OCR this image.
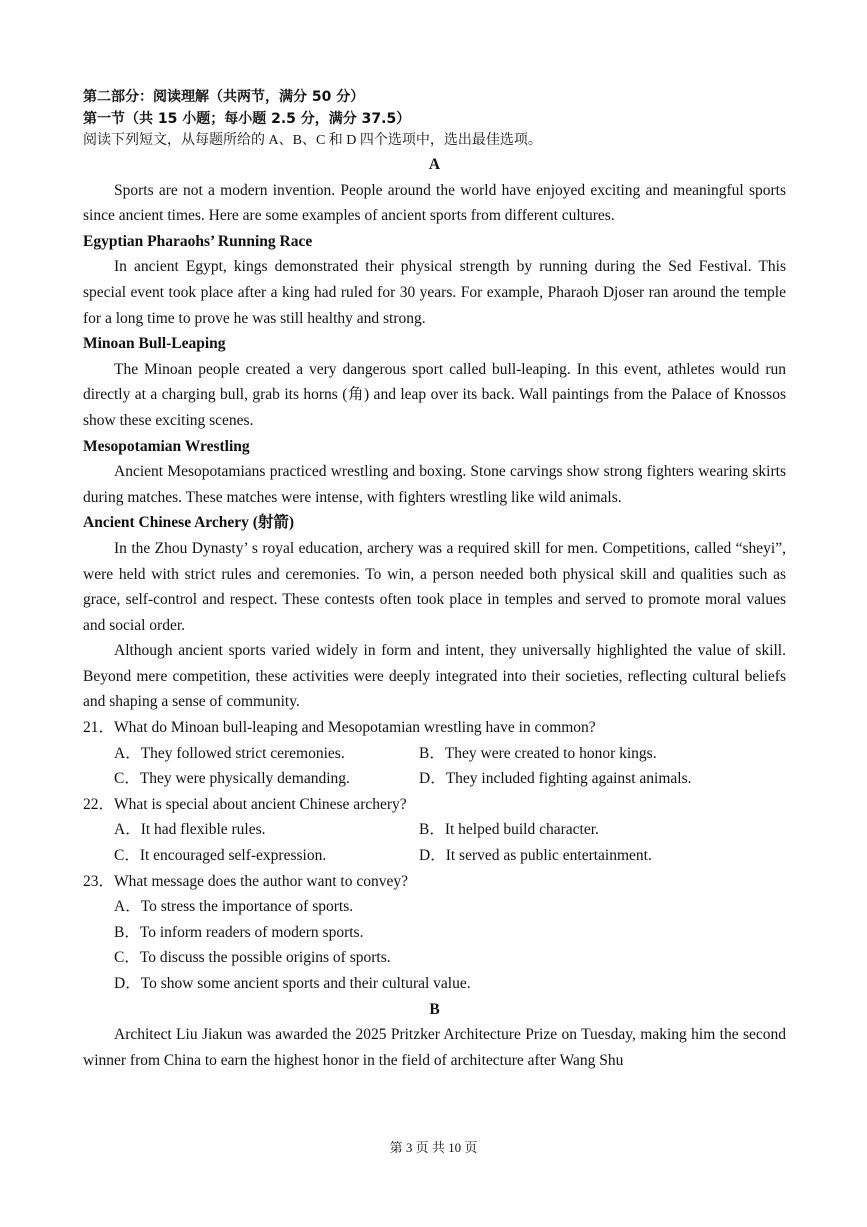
第二部分：阅读理解（共两节，满分 50 分）

第一节（共 15 小题；每小题 2.5 分，满分 37.5）

阅读下列短文，从每题所给的 A、B、C 和 D 四个选项中，选出最佳选项。

A

Sports are not a modern invention. People around the world have enjoyed exciting and meaningful sports since ancient times. Here are some examples of ancient sports from different cultures.

Egyptian Pharaohs’ Running Race

In ancient Egypt, kings demonstrated their physical strength by running during the Sed Festival. This special event took place after a king had ruled for 30 years. For example, Pharaoh Djoser ran around the temple for a long time to prove he was still healthy and strong.

Minoan Bull-Leaping

The Minoan people created a very dangerous sport called bull-leaping. In this event, athletes would run directly at a charging bull, grab its horns (角) and leap over its back. Wall paintings from the Palace of Knossos show these exciting scenes.

Mesopotamian Wrestling

Ancient Mesopotamians practiced wrestling and boxing. Stone carvings show strong fighters wearing skirts during matches. These matches were intense, with fighters wrestling like wild animals.

Ancient Chinese Archery (射箭)

In the Zhou Dynasty’ s royal education, archery was a required skill for men. Competitions, called “sheyi”, were held with strict rules and ceremonies. To win, a person needed both physical skill and qualities such as grace, self-control and respect. These contests often took place in temples and served to promote moral values and social order.

Although ancient sports varied widely in form and intent, they universally highlighted the value of skill. Beyond mere competition, these activities were deeply integrated into their societies, reflecting cultural beliefs and shaping a sense of community.

21．What do Minoan bull-leaping and Mesopotamian wrestling have in common?

A．They followed strict ceremonies.	B．They were created to honor kings.
C．They were physically demanding.	D．They included fighting against animals.

22．What is special about ancient Chinese archery?

A．It had flexible rules.	B．It helped build character.
C．It encouraged self-expression.	D．It served as public entertainment.

23．What message does the author want to convey?

A．To stress the importance of sports.
B．To inform readers of modern sports.
C．To discuss the possible origins of sports.
D．To show some ancient sports and their cultural value.

B

Architect Liu Jiakun was awarded the 2025 Pritzker Architecture Prize on Tuesday, making him the second winner from China to earn the highest honor in the field of architecture after Wang Shu

第 3 页 共 10 页
